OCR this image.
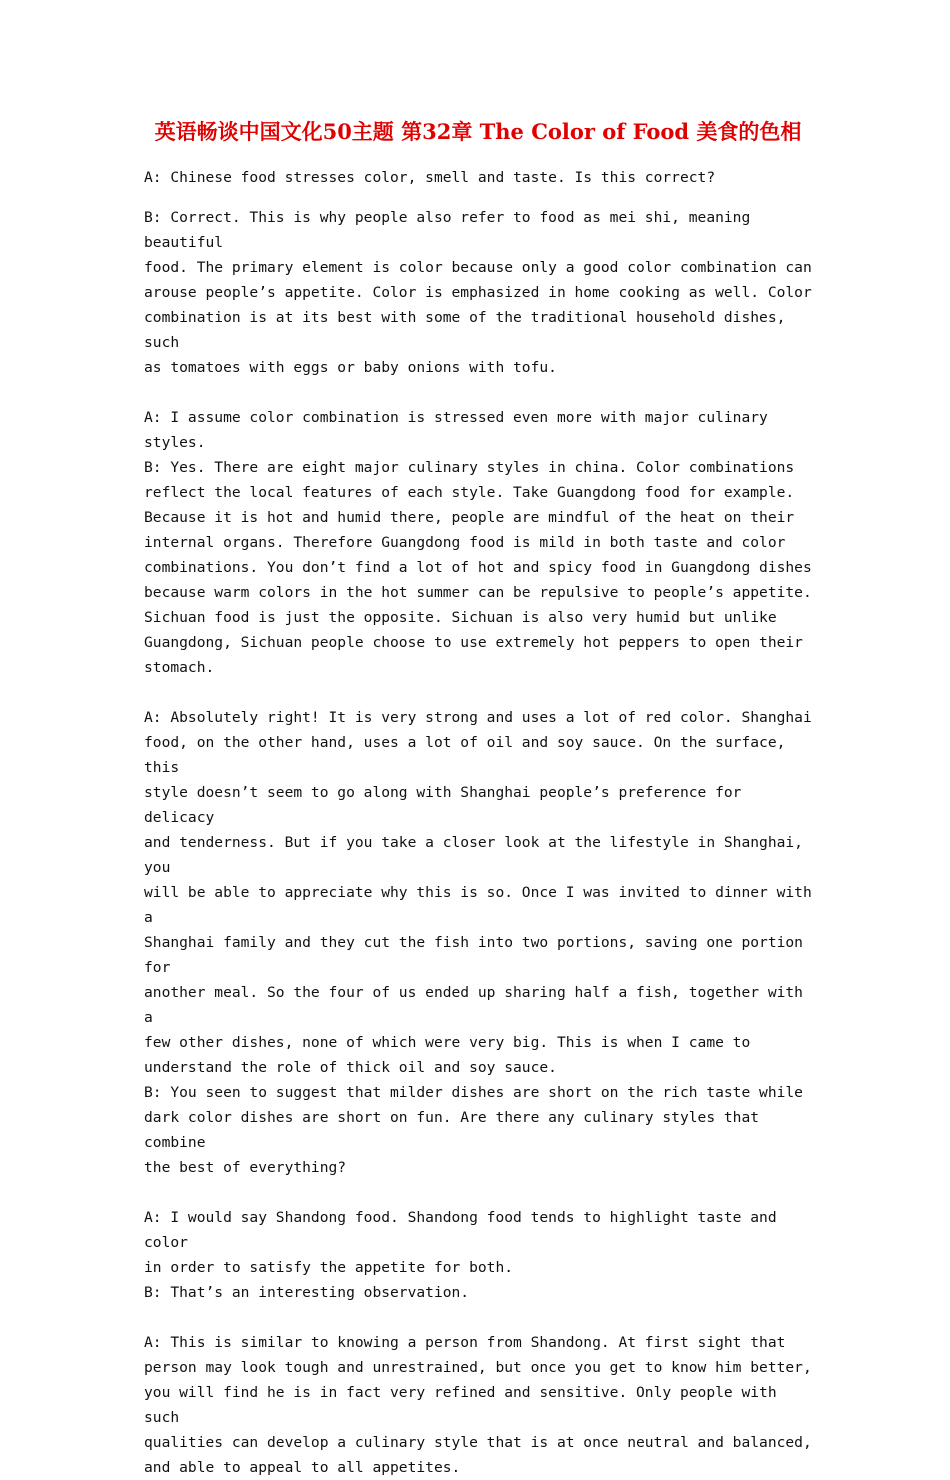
英语畅谈中国文化50主题 第32章 The Color of Food 美食的色相

A: Chinese food stresses color, smell and taste. Is this correct?

B: Correct. This is why people also refer to food as mei shi, meaning beautiful
food. The primary element is color because only a good color combination can
arouse people’s appetite. Color is emphasized in home cooking as well. Color
combination is at its best with some of the traditional household dishes, such
as tomatoes with eggs or baby onions with tofu.

A: I assume color combination is stressed even more with major culinary styles.
B: Yes. There are eight major culinary styles in china. Color combinations
reflect the local features of each style. Take Guangdong food for example.
Because it is hot and humid there, people are mindful of the heat on their
internal organs. Therefore Guangdong food is mild in both taste and color
combinations. You don’t find a lot of hot and spicy food in Guangdong dishes
because warm colors in the hot summer can be repulsive to people’s appetite.
Sichuan food is just the opposite. Sichuan is also very humid but unlike
Guangdong, Sichuan people choose to use extremely hot peppers to open their
stomach.

A: Absolutely right! It is very strong and uses a lot of red color. Shanghai
food, on the other hand, uses a lot of oil and soy sauce. On the surface, this
style doesn’t seem to go along with Shanghai people’s preference for delicacy
and tenderness. But if you take a closer look at the lifestyle in Shanghai, you
will be able to appreciate why this is so. Once I was invited to dinner with a
Shanghai family and they cut the fish into two portions, saving one portion for
another meal. So the four of us ended up sharing half a fish, together with a
few other dishes, none of which were very big. This is when I came to
understand the role of thick oil and soy sauce.
B: You seen to suggest that milder dishes are short on the rich taste while
dark color dishes are short on fun. Are there any culinary styles that combine
the best of everything?

A: I would say Shandong food. Shandong food tends to highlight taste and color
in order to satisfy the appetite for both.
B: That’s an interesting observation.

A: This is similar to knowing a person from Shandong. At first sight that
person may look tough and unrestrained, but once you get to know him better,
you will find he is in fact very refined and sensitive. Only people with such
qualities can develop a culinary style that is at once neutral and balanced,
and able to appeal to all appetites.
